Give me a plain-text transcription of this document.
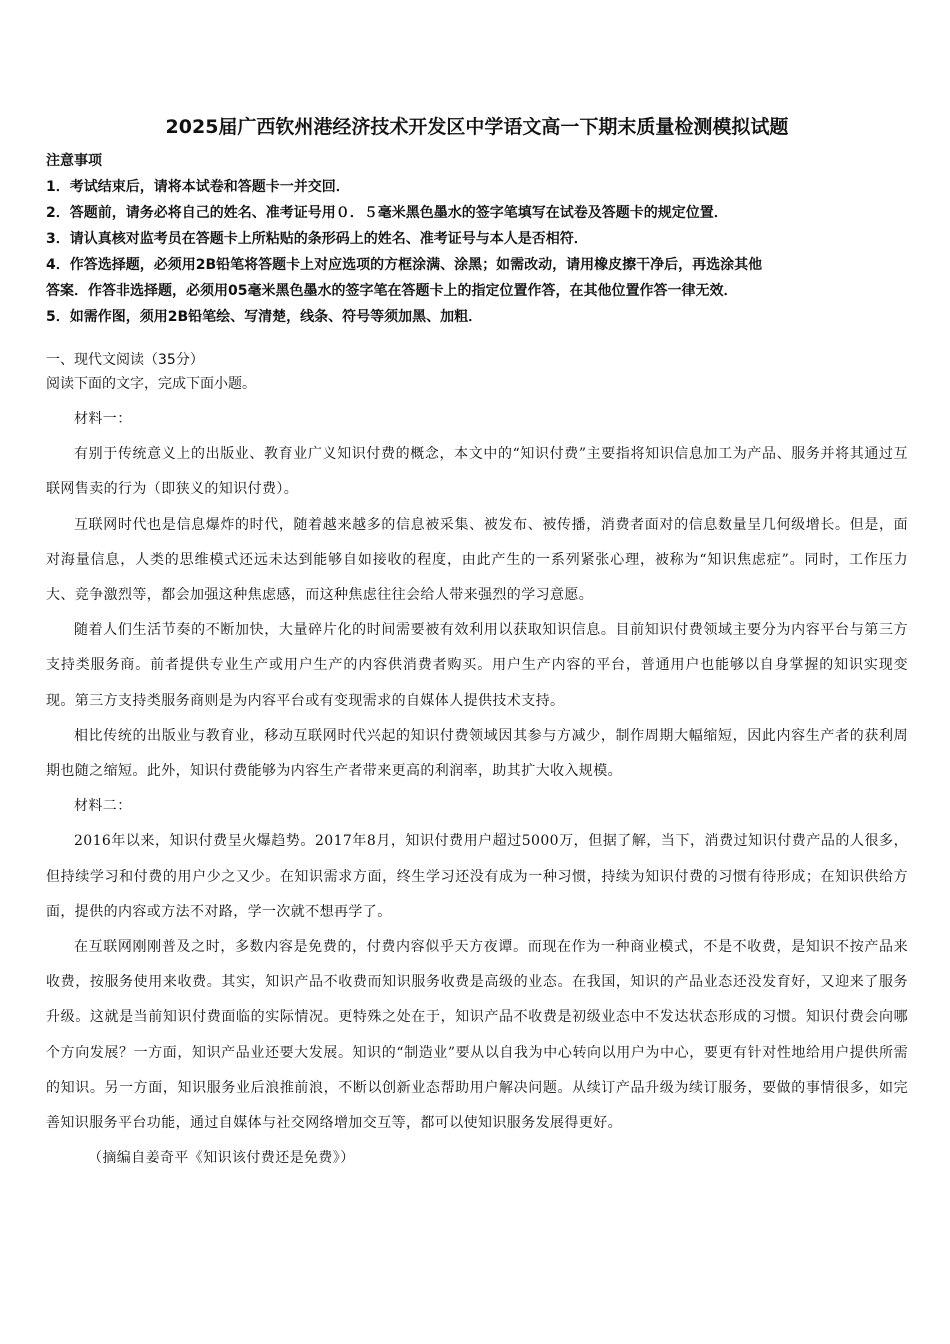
2025届广西钦州港经济技术开发区中学语文高一下期末质量检测模拟试题
注意事项
1．考试结束后，请将本试卷和答题卡一并交回．
2．答题前，请务必将自己的姓名、准考证号用０．５毫米黑色墨水的签字笔填写在试卷及答题卡的规定位置．
3．请认真核对监考员在答题卡上所粘贴的条形码上的姓名、准考证号与本人是否相符．
4．作答选择题，必须用2B铅笔将答题卡上对应选项的方框涂满、涂黑；如需改动，请用橡皮擦干净后，再选涂其他
答案．作答非选择题，必须用05毫米黑色墨水的签字笔在答题卡上的指定位置作答，在其他位置作答一律无效．
5．如需作图，须用2B铅笔绘、写清楚，线条、符号等须加黑、加粗．
一、现代文阅读（35分）
阅读下面的文字，完成下面小题。

材料一：

有别于传统意义上的出版业、教育业广义知识付费的概念，本文中的“知识付费”主要指将知识信息加工为产品、服务并将其通过互联网售卖的行为（即狭义的知识付费）。

互联网时代也是信息爆炸的时代，随着越来越多的信息被采集、被发布、被传播，消费者面对的信息数量呈几何级增长。但是，面对海量信息，人类的思维模式还远未达到能够自如接收的程度，由此产生的一系列紧张心理，被称为“知识焦虑症”。同时，工作压力大、竞争激烈等，都会加强这种焦虑感，而这种焦虑往往会给人带来强烈的学习意愿。

随着人们生活节奏的不断加快，大量碎片化的时间需要被有效利用以获取知识信息。目前知识付费领域主要分为内容平台与第三方支持类服务商。前者提供专业生产或用户生产的内容供消费者购买。用户生产内容的平台，普通用户也能够以自身掌握的知识实现变现。第三方支持类服务商则是为内容平台或有变现需求的自媒体人提供技术支持。

相比传统的出版业与教育业，移动互联网时代兴起的知识付费领域因其参与方减少，制作周期大幅缩短，因此内容生产者的获利周期也随之缩短。此外，知识付费能够为内容生产者带来更高的利润率，助其扩大收入规模。

材料二：

2016年以来，知识付费呈火爆趋势。2017年8月，知识付费用户超过5000万，但据了解，当下，消费过知识付费产品的人很多，但持续学习和付费的用户少之又少。在知识需求方面，终生学习还没有成为一种习惯，持续为知识付费的习惯有待形成；在知识供给方面，提供的内容或方法不对路，学一次就不想再学了。

在互联网刚刚普及之时，多数内容是免费的，付费内容似乎天方夜谭。而现在作为一种商业模式，不是不收费，是知识不按产品来收费，按服务使用来收费。其实，知识产品不收费而知识服务收费是高级的业态。在我国，知识的产品业态还没发育好，又迎来了服务升级。这就是当前知识付费面临的实际情况。更特殊之处在于，知识产品不收费是初级业态中不发达状态形成的习惯。知识付费会向哪个方向发展？一方面，知识产品业还要大发展。知识的“制造业”要从以自我为中心转向以用户为中心，要更有针对性地给用户提供所需的知识。另一方面，知识服务业后浪推前浪，不断以创新业态帮助用户解决问题。从续订产品升级为续订服务，要做的事情很多，如完善知识服务平台功能，通过自媒体与社交网络增加交互等，都可以使知识服务发展得更好。

（摘编自姜奇平《知识该付费还是免费》）
